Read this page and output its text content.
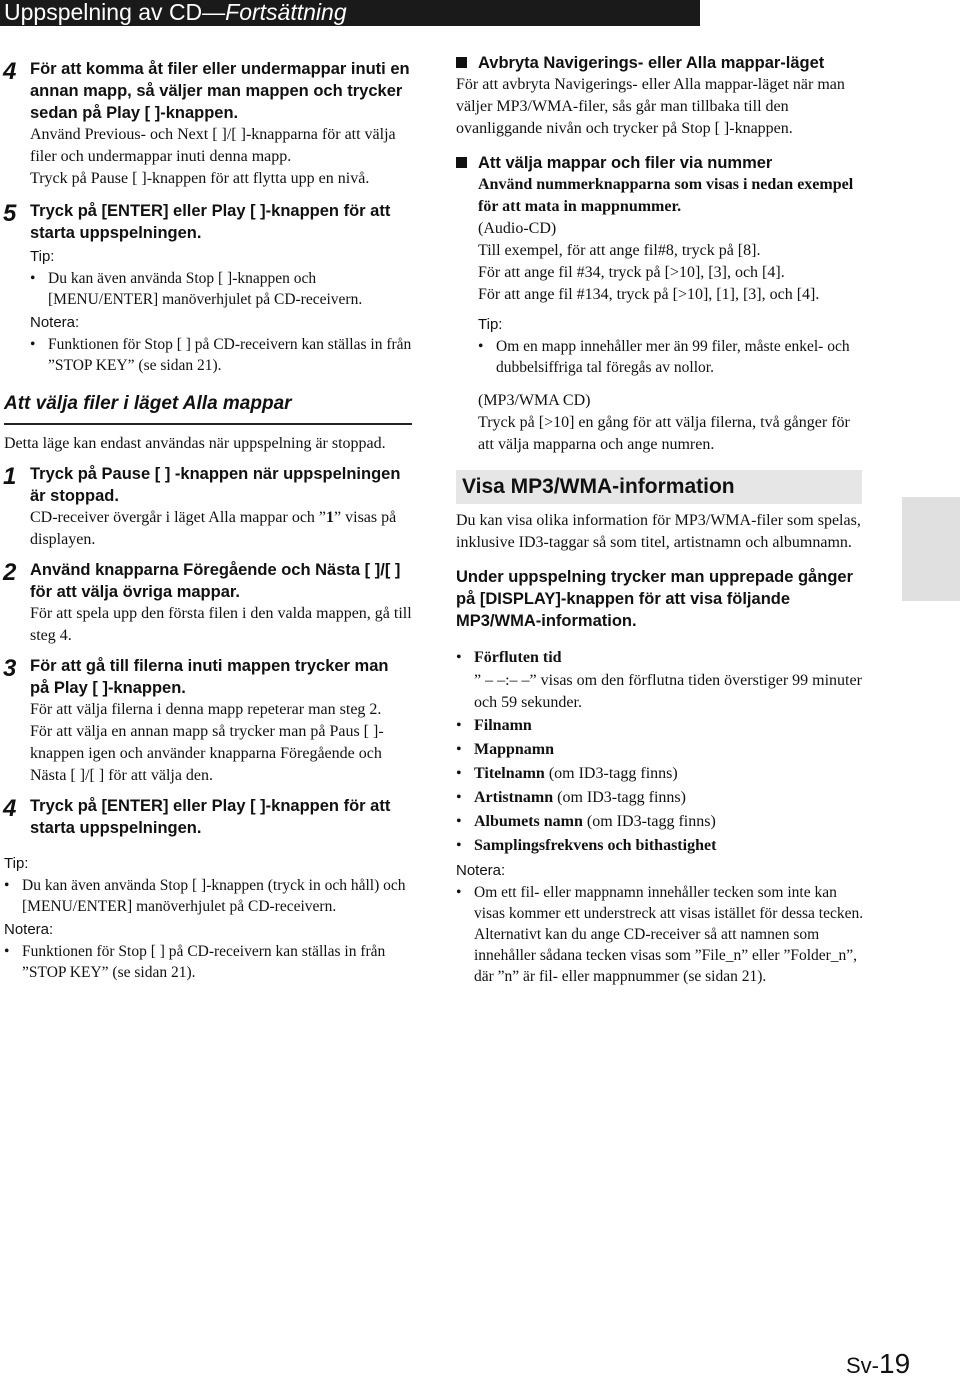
Uppspelning av CD—Fortsättning
4 För att komma åt filer eller undermappar inuti en annan mapp, så väljer man mappen och trycker sedan på Play [ ]-knappen.
Använd Previous- och Next [ ]/[ ]-knapparna för att välja filer och undermappar inuti denna mapp.
Tryck på Pause [ ]-knappen för att flytta upp en nivå.
5 Tryck på [ENTER] eller Play [ ]-knappen för att starta uppspelningen.
Tip:
• Du kan även använda Stop [ ]-knappen och [MENU/ENTER] manöverhjulet på CD-receivern.
Notera:
• Funktionen för Stop [ ] på CD-receivern kan ställas in från ”STOP KEY” (se sidan 21).
Att välja filer i läget Alla mappar
Detta läge kan endast användas när uppspelning är stoppad.
1 Tryck på Pause [ ] -knappen när uppspelningen är stoppad.
CD-receiver övergår i läget Alla mappar och ”1” visas på displayen.
2 Använd knapparna Föregående och Nästa [ ]/[ ] för att välja övriga mappar.
För att spela upp den första filen i den valda mappen, gå till steg 4.
3 För att gå till filerna inuti mappen trycker man på Play [ ]-knappen.
För att välja filerna i denna mapp repeterar man steg 2.
För att välja en annan mapp så trycker man på Paus [ ]-knappen igen och använder knapparna Föregående och Nästa [ ]/[ ] för att välja den.
4 Tryck på [ENTER] eller Play [ ]-knappen för att starta uppspelningen.
Tip:
• Du kan även använda Stop [ ]-knappen (tryck in och håll) och [MENU/ENTER] manöverhjulet på CD-receivern.
Notera:
• Funktionen för Stop [ ] på CD-receivern kan ställas in från ”STOP KEY” (se sidan 21).
Avbryta Navigerings- eller Alla mappar-läget
För att avbryta Navigerings- eller Alla mappar-läget när man väljer MP3/WMA-filer, sås går man tillbaka till den ovanliggande nivån och trycker på Stop [ ]-knappen.
Att välja mappar och filer via nummer
Använd nummerknapparna som visas i nedan exempel för att mata in mappnummer.
(Audio-CD)
Till exempel, för att ange fil#8, tryck på [8].
För att ange fil #34, tryck på [>10], [3], och [4].
För att ange fil #134, tryck på [>10], [1], [3], och [4].
Tip:
• Om en mapp innehåller mer än 99 filer, måste enkel- och dubbelsiffriga tal föregås av nollor.
(MP3/WMA CD)
Tryck på [>10] en gång för att välja filerna, två gånger för att välja mapparna och ange numren.
Visa MP3/WMA-information
Du kan visa olika information för MP3/WMA-filer som spelas, inklusive ID3-taggar så som titel, artistnamn och albumnamn.
Under uppspelning trycker man upprepade gånger på [DISPLAY]-knappen för att visa följande MP3/WMA-information.
• Förfluten tid
” – –:– –” visas om den förflutna tiden överstiger 99 minuter och 59 sekunder.
• Filnamn
• Mappnamn
• Titelnamn (om ID3-tagg finns)
• Artistnamn (om ID3-tagg finns)
• Albumets namn (om ID3-tagg finns)
• Samplingsfrekvens och bithastighet
Notera:
• Om ett fil- eller mappnamn innehåller tecken som inte kan visas kommer ett understreck att visas istället för dessa tecken. Alternativt kan du ange CD-receiver så att namnen som innehåller sådana tecken visas som ”File_n” eller ”Folder_n”, där ”n” är fil- eller mappnummer (se sidan 21).
Sv-19
